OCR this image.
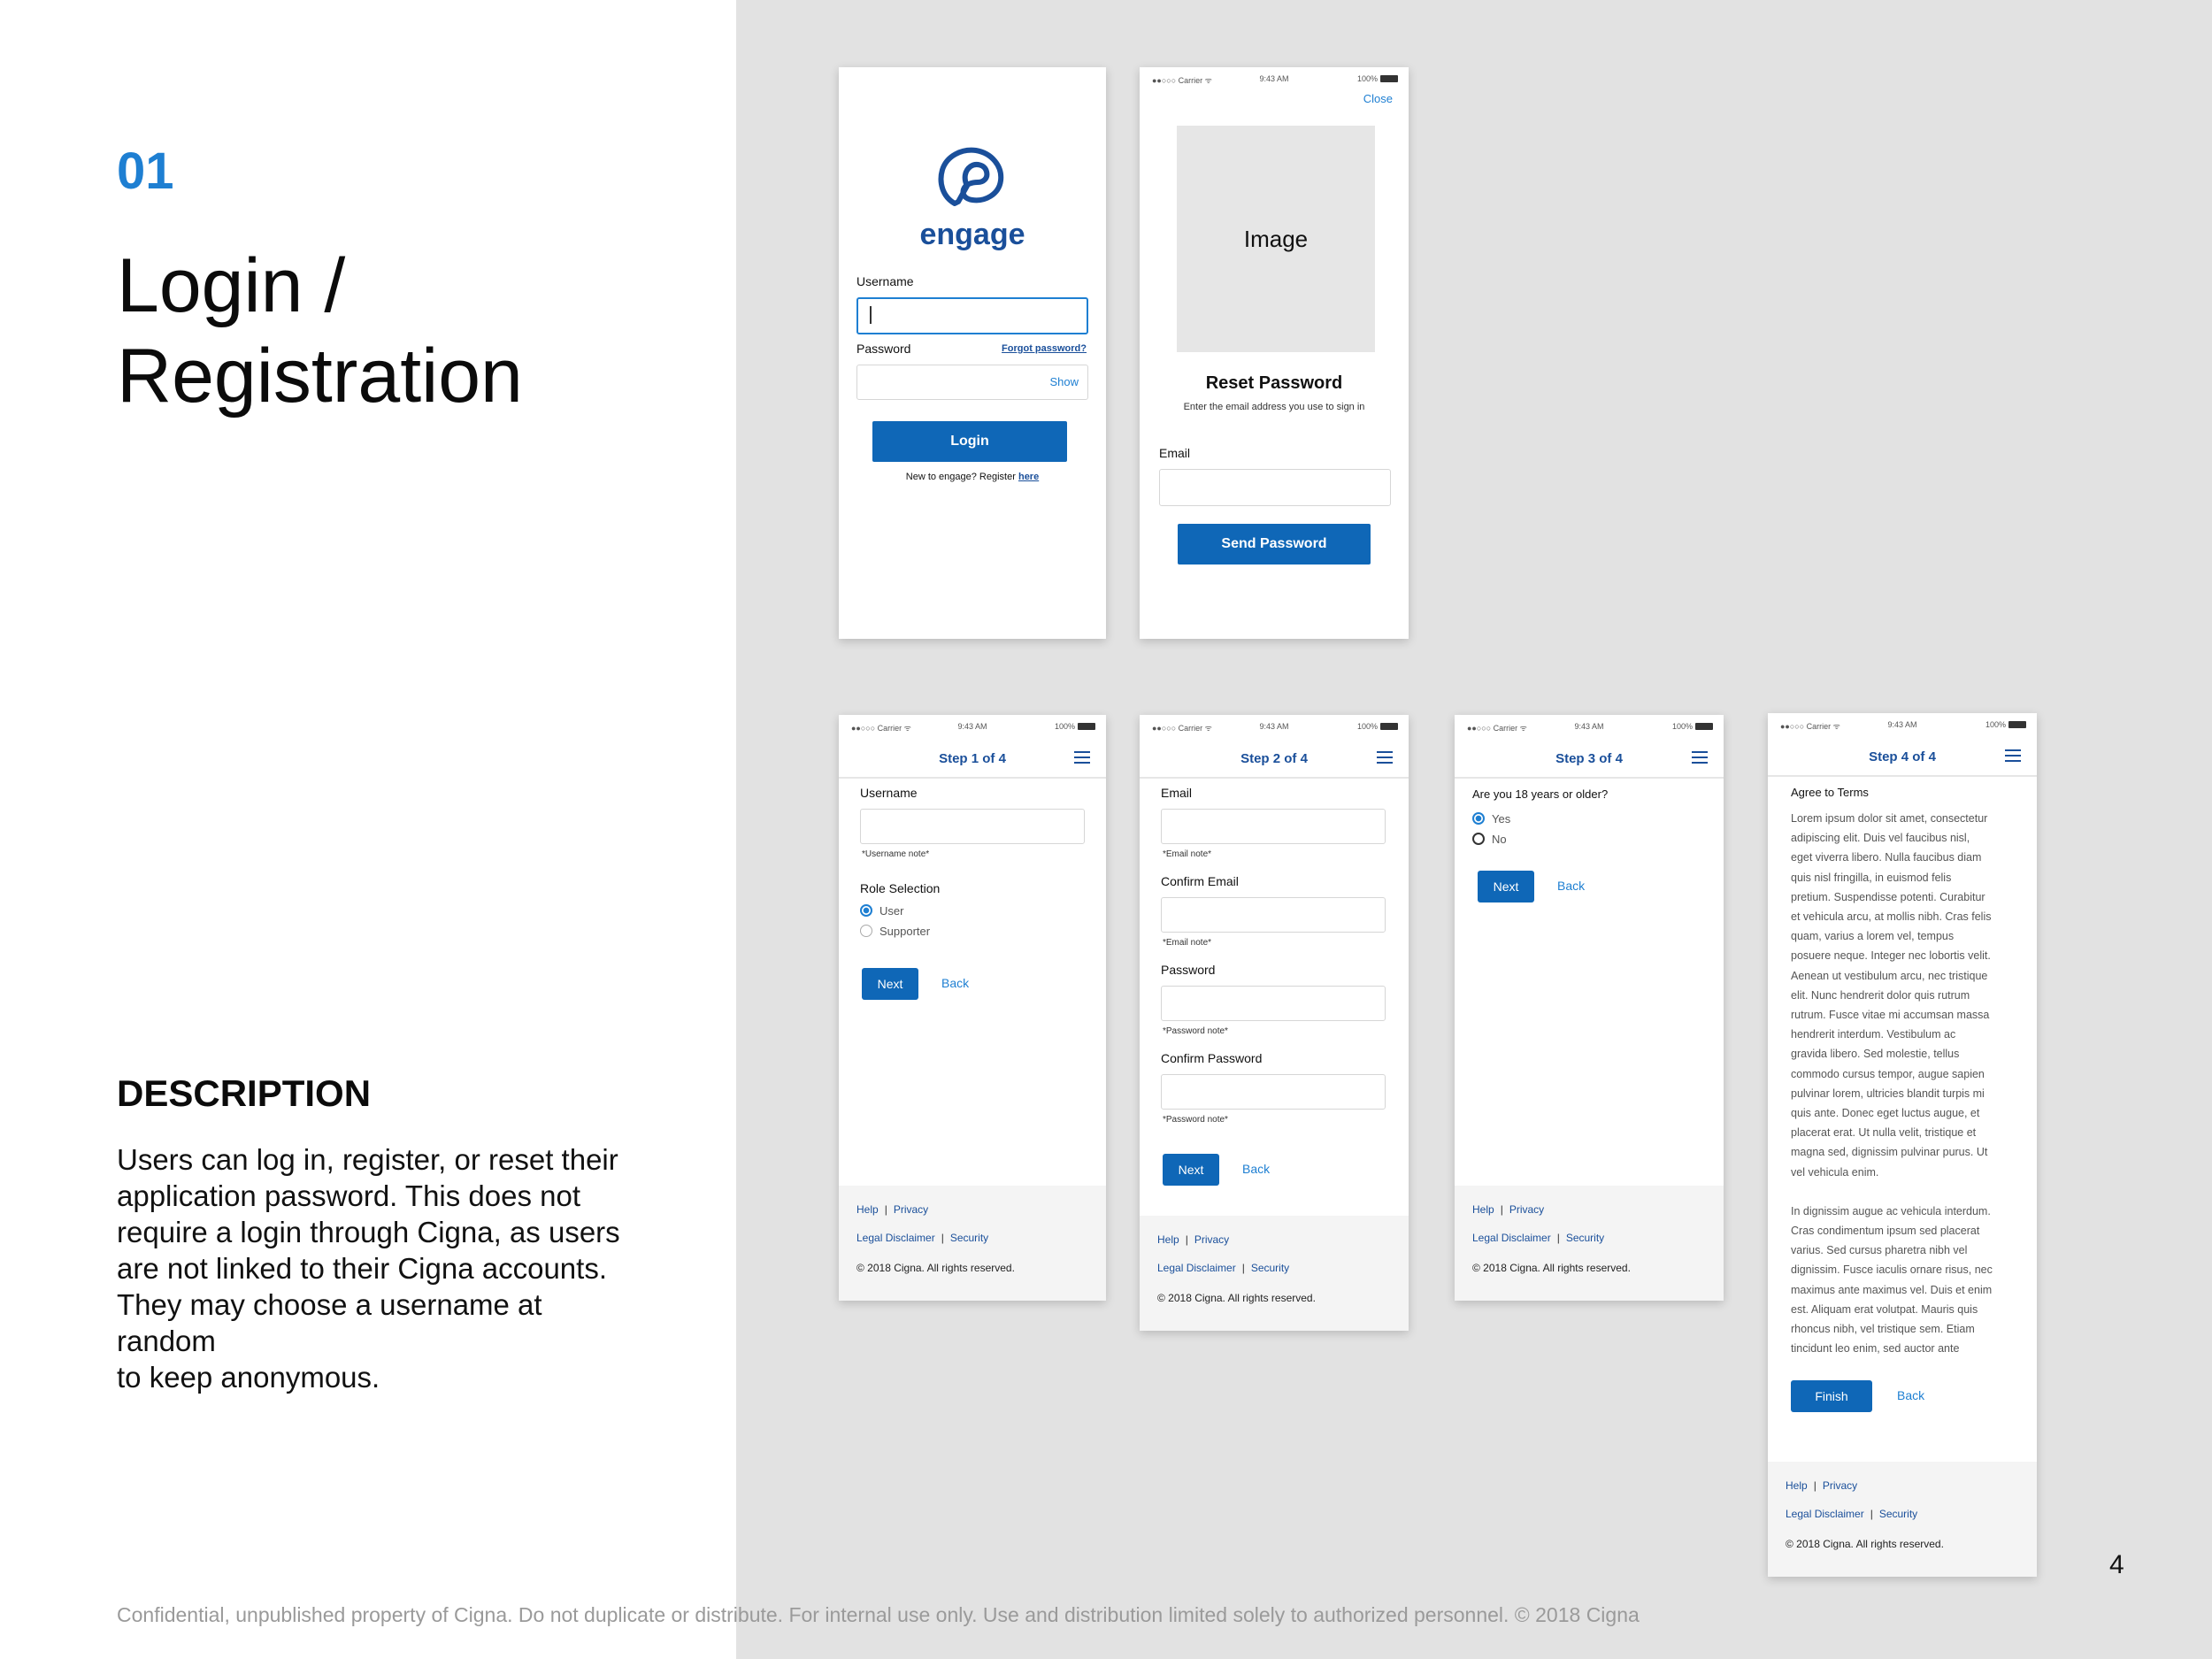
01
Login /
Registration
DESCRIPTION
Users can log in, register, or reset their
application password. This does not
require a login through Cigna, as users
are not linked to their Cigna accounts.
They may choose a username at random
to keep anonymous.
Confidential, unpublished property of Cigna. Do not duplicate or distribute. For internal use only. Use and distribution limited solely to authorized personnel. © 2018 Cigna
4
engage
Username
Password	Forgot password?
Show
Login
New to engage? Register here
●●○○○ Carrier ᯤ	9:43 AM	100%
Close
Image
Reset Password
Enter the email address you use to sign in
Email
Send Password
●●○○○ Carrier ᯤ	9:43 AM	100%
Step 1 of 4
Username
*Username note*
Role Selection
User
Supporter
Next	Back
Help | Privacy
Legal Disclaimer | Security
© 2018 Cigna. All rights reserved.
●●○○○ Carrier ᯤ	9:43 AM	100%
Step 2 of 4
Email
*Email note*
Confirm Email
*Email note*
Password
*Password note*
Confirm Password
*Password note*
Next	Back
Help | Privacy
Legal Disclaimer | Security
© 2018 Cigna. All rights reserved.
●●○○○ Carrier ᯤ	9:43 AM	100%
Step 3 of 4
Are you 18 years or older?
Yes
No
Next	Back
Help | Privacy
Legal Disclaimer | Security
© 2018 Cigna. All rights reserved.
●●○○○ Carrier ᯤ	9:43 AM	100%
Step 4 of 4
Agree to Terms
Lorem ipsum dolor sit amet, consectetur
adipiscing elit. Duis vel faucibus nisl,
eget viverra libero. Nulla faucibus diam
quis nisl fringilla, in euismod felis
pretium. Suspendisse potenti. Curabitur
et vehicula arcu, at mollis nibh. Cras felis
quam, varius a lorem vel, tempus
posuere neque. Integer nec lobortis velit.
Aenean ut vestibulum arcu, nec tristique
elit. Nunc hendrerit dolor quis rutrum
rutrum. Fusce vitae mi accumsan massa
hendrerit interdum. Vestibulum ac
gravida libero. Sed molestie, tellus
commodo cursus tempor, augue sapien
pulvinar lorem, ultricies blandit turpis mi
quis ante. Donec eget luctus augue, et
placerat erat. Ut nulla velit, tristique et
magna sed, dignissim pulvinar purus. Ut
vel vehicula enim.
In dignissim augue ac vehicula interdum.
Cras condimentum ipsum sed placerat
varius. Sed cursus pharetra nibh vel
dignissim. Fusce iaculis ornare risus, nec
maximus ante maximus vel. Duis et enim
est. Aliquam erat volutpat. Mauris quis
rhoncus nibh, vel tristique sem. Etiam
tincidunt leo enim, sed auctor ante
Finish	Back
Help | Privacy
Legal Disclaimer | Security
© 2018 Cigna. All rights reserved.
